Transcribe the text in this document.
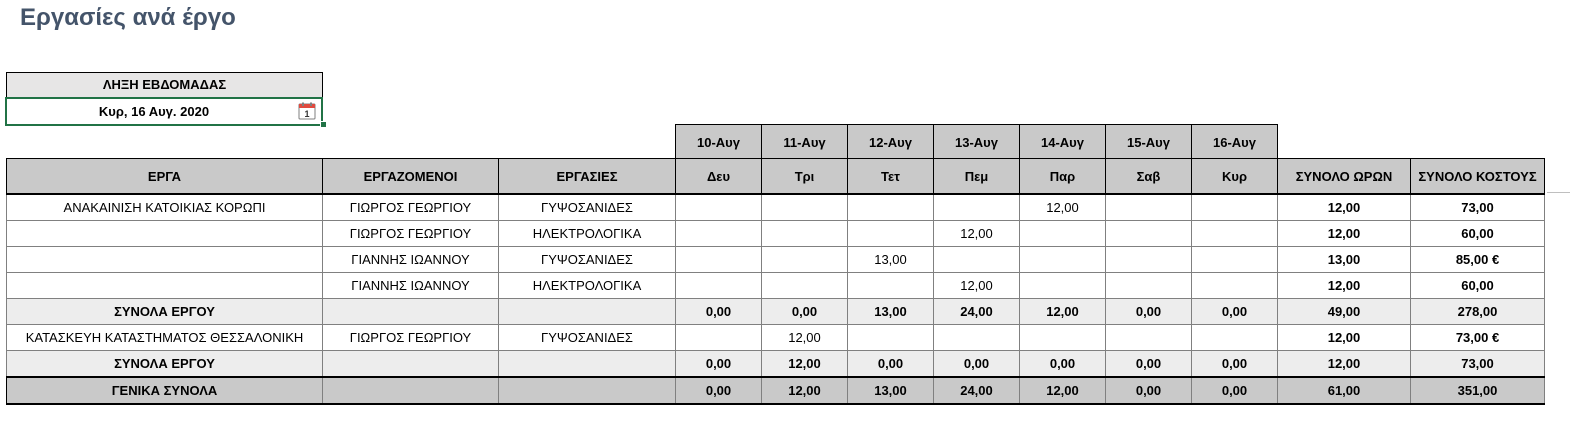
Εργασίες ανά έργο
ΛΗΞΗ ΕΒΔΟΜΑΔΑΣ
Κυρ, 16 Αυγ. 2020	1
10-Αυγ	11-Αυγ	12-Αυγ	13-Αυγ	14-Αυγ	15-Αυγ	16-Αυγ
ΕΡΓΑ	ΕΡΓΑΖΟΜΕΝΟΙ	ΕΡΓΑΣΙΕΣ	Δευ	Τρι	Τετ	Πεμ	Παρ	Σαβ	Κυρ	ΣΥΝΟΛΟ ΩΡΩΝ	ΣΥΝΟΛΟ ΚΟΣΤΟΥΣ
ΑΝΑΚΑΙΝΙΣΗ ΚΑΤΟΙΚΙΑΣ ΚΟΡΩΠΙ	ΓΙΩΡΓΟΣ ΓΕΩΡΓΙΟΥ	ΓΥΨΟΣΑΝΙΔΕΣ					12,00			12,00	73,00
	ΓΙΩΡΓΟΣ ΓΕΩΡΓΙΟΥ	ΗΛΕΚΤΡΟΛΟΓΙΚΑ				12,00				12,00	60,00
	ΓΙΑΝΝΗΣ ΙΩΑΝΝΟΥ	ΓΥΨΟΣΑΝΙΔΕΣ			13,00					13,00	85,00 €
	ΓΙΑΝΝΗΣ ΙΩΑΝΝΟΥ	ΗΛΕΚΤΡΟΛΟΓΙΚΑ				12,00				12,00	60,00
ΣΥΝΟΛΑ ΕΡΓΟΥ			0,00	0,00	13,00	24,00	12,00	0,00	0,00	49,00	278,00
ΚΑΤΑΣΚΕΥΗ ΚΑΤΑΣΤΗΜΑΤΟΣ ΘΕΣΣΑΛΟΝΙΚΗ	ΓΙΩΡΓΟΣ ΓΕΩΡΓΙΟΥ	ΓΥΨΟΣΑΝΙΔΕΣ		12,00						12,00	73,00 €
ΣΥΝΟΛΑ ΕΡΓΟΥ			0,00	12,00	0,00	0,00	0,00	0,00	0,00	12,00	73,00
ΓΕΝΙΚΑ ΣΥΝΟΛΑ			0,00	12,00	13,00	24,00	12,00	0,00	0,00	61,00	351,00
